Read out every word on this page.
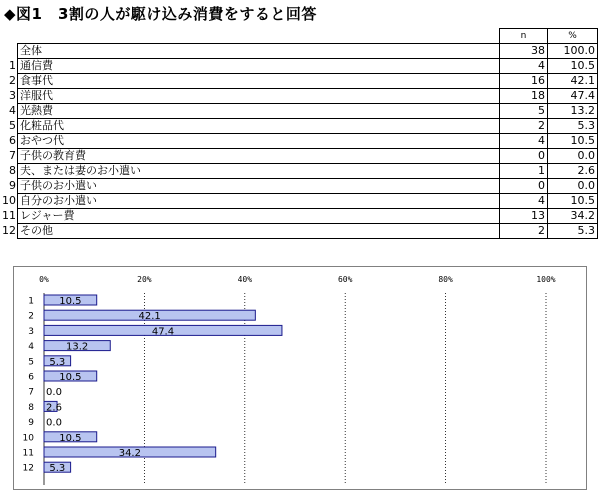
◆図1　3割の人が駆け込み消費をすると回答
		n	%
	全体	38	100.0
1	通信費	4	10.5
2	食事代	16	42.1
3	洋服代	18	47.4
4	光熱費	5	13.2
5	化粧品代	2	5.3
6	おやつ代	4	10.5
7	子供の教育費	0	0.0
8	夫、または妻のお小遣い	1	2.6
9	子供のお小遣い	0	0.0
10	自分のお小遣い	4	10.5
11	レジャー費	13	34.2
12	その他	2	5.3
0%	20%	40%	60%	80%	100%
1	10.5
2	42.1
3	47.4
4	13.2
5 5.3
6	10.5
7 0.0
8 2.6
9 0.0
10	10.5
11	34.2
12 5.3
